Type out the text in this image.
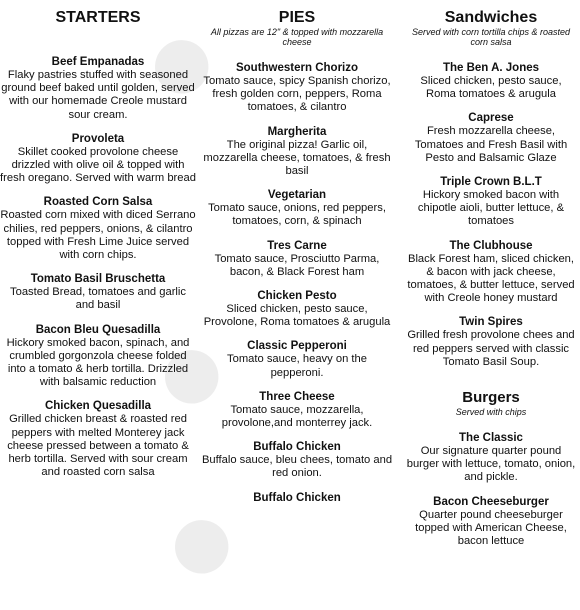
●
●
●
STARTERS
Beef Empanadas
Flaky pastries stuffed with seasoned ground beef baked until golden, served with our homemade Creole mustard sour cream.
Provoleta
Skillet cooked provolone cheese drizzled with olive oil & topped with fresh oregano. Served with warm bread
Roasted Corn Salsa
Roasted corn mixed with diced Serrano chilies, red peppers, onions, & cilantro topped with Fresh Lime Juice served with corn chips.
Tomato Basil Bruschetta
Toasted Bread, tomatoes and garlic and basil
Bacon Bleu Quesadilla
Hickory smoked bacon, spinach, and crumbled gorgonzola cheese folded into a tomato & herb tortilla. Drizzled with balsamic reduction
Chicken Quesadilla
Grilled chicken breast & roasted red peppers with melted Monterey jack cheese pressed between a tomato & herb tortilla. Served with sour cream and roasted corn salsa
PIES
All pizzas are 12" & topped with mozzarella cheese
Southwestern Chorizo
Tomato sauce, spicy Spanish chorizo, fresh golden corn, peppers, Roma tomatoes, & cilantro
Margherita
The original pizza! Garlic oil, mozzarella cheese, tomatoes, & fresh basil
Vegetarian
Tomato sauce, onions, red peppers, tomatoes, corn, & spinach
Tres Carne
Tomato sauce, Prosciutto Parma, bacon, & Black Forest ham
Chicken Pesto
Sliced chicken, pesto sauce, Provolone, Roma tomatoes & arugula
Classic Pepperoni
Tomato sauce, heavy on the pepperoni.
Three Cheese
Tomato sauce, mozzarella, provolone,and monterrey jack.
Buffalo Chicken
Buffalo sauce, bleu chees, tomato and red onion.
Buffalo Chicken
Sandwiches
Served with corn tortilla chips & roasted corn salsa
The Ben A. Jones
Sliced chicken, pesto sauce, Roma tomatoes & arugula
Caprese
Fresh mozzarella cheese, Tomatoes and Fresh Basil with Pesto and Balsamic Glaze
Triple Crown B.L.T
Hickory smoked bacon with chipotle aioli, butter lettuce, & tomatoes
The Clubhouse
Black Forest ham, sliced chicken, & bacon with jack cheese, tomatoes, & butter lettuce, served with Creole honey mustard
Twin Spires
Grilled fresh provolone chees and red peppers served with classic Tomato Basil Soup.
Burgers
Served with chips
The Classic
Our signature quarter pound burger with lettuce, tomato, onion, and pickle.
Bacon Cheeseburger
Quarter pound cheeseburger topped with American Cheese, bacon lettuce
